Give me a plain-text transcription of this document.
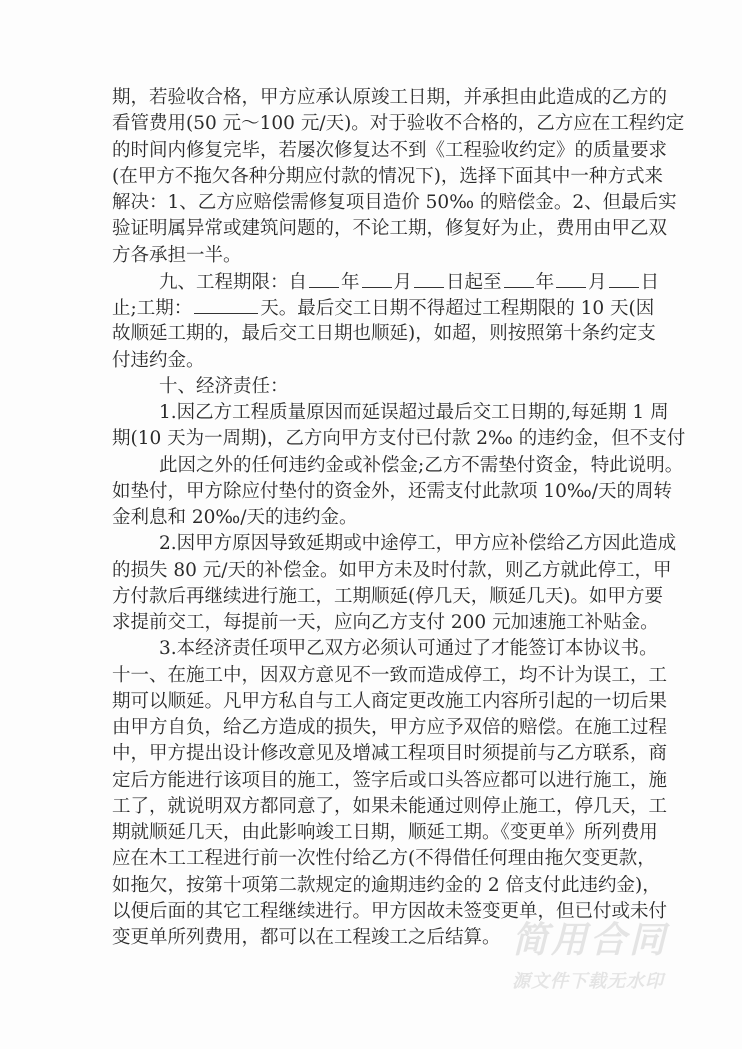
期，若验收合格，甲方应承认原竣工日期，并承担由此造成的乙方的
看管费用(50 元～100 元/天)。对于验收不合格的，乙方应在工程约定
的时间内修复完毕，若屡次修复达不到《工程验收约定》的质量要求
(在甲方不拖欠各种分期应付款的情况下)，选择下面其中一种方式来
解决：1、乙方应赔偿需修复项目造价 50‰ 的赔偿金。2、但最后实
验证明属异常或建筑问题的，不论工期，修复好为止，费用由甲乙双
方各承担一半。
九、工程期限：自 年 月 日起至 年 月 日
止;工期：	天。最后交工日期不得超过工程期限的 10 天(因
故顺延工期的，最后交工日期也顺延)，如超，则按照第十条约定支
付违约金。
十、经济责任：
1.因乙方工程质量原因而延误超过最后交工日期的,每延期 1 周
期(10 天为一周期)，乙方向甲方支付已付款 2‰ 的违约金，但不支付
此因之外的任何违约金或补偿金;乙方不需垫付资金，特此说明。
如垫付，甲方除应付垫付的资金外，还需支付此款项 10‰/天的周转
金利息和 20‰/天的违约金。
2.因甲方原因导致延期或中途停工，甲方应补偿给乙方因此造成
的损失 80 元/天的补偿金。如甲方未及时付款，则乙方就此停工，甲
方付款后再继续进行施工，工期顺延(停几天，顺延几天)。如甲方要
求提前交工，每提前一天，应向乙方支付 200 元加速施工补贴金。
3.本经济责任项甲乙双方必须认可通过了才能签订本协议书。
十一、在施工中，因双方意见不一致而造成停工，均不计为误工，工
期可以顺延。凡甲方私自与工人商定更改施工内容所引起的一切后果
由甲方自负，给乙方造成的损失，甲方应予双倍的赔偿。在施工过程
中，甲方提出设计修改意见及增减工程项目时须提前与乙方联系，商
定后方能进行该项目的施工，签字后或口头答应都可以进行施工，施
工了，就说明双方都同意了，如果未能通过则停止施工，停几天，工
期就顺延几天，由此影响竣工日期，顺延工期。《变更单》所列费用
应在木工工程进行前一次性付给乙方(不得借任何理由拖欠变更款，
如拖欠，按第十项第二款规定的逾期违约金的 2 倍支付此违约金)，
以便后面的其它工程继续进行。甲方因故未签变更单，但已付或未付
变更单所列费用，都可以在工程竣工之后结算。 简用合同
源文件下载无水印
